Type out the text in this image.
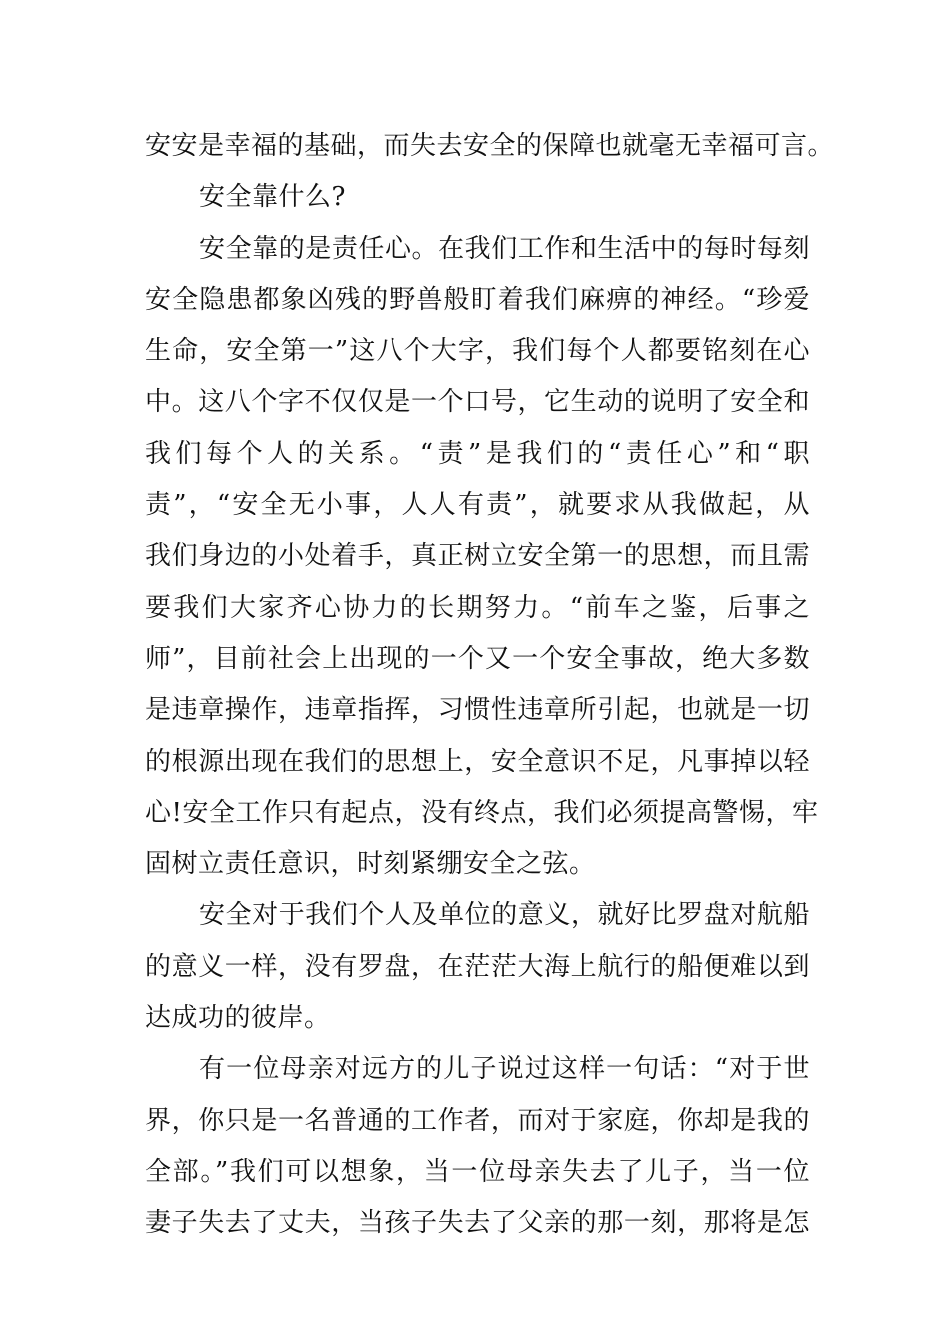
安安是幸福的基础，而失去安全的保障也就毫无幸福可言。
安全靠什么?
安全靠的是责任心。在我们工作和生活中的每时每刻
安全隐患都象凶残的野兽般盯着我们麻痹的神经。“珍爱
生命，安全第一”这八个大字，我们每个人都要铭刻在心
中。这八个字不仅仅是一个口号，它生动的说明了安全和
我们每个人的关系。“责”是我们的“责任心”和“职
责”，“安全无小事，人人有责”，就要求从我做起，从
我们身边的小处着手，真正树立安全第一的思想，而且需
要我们大家齐心协力的长期努力。“前车之鉴，后事之
师”，目前社会上出现的一个又一个安全事故，绝大多数
是违章操作，违章指挥，习惯性违章所引起，也就是一切
的根源出现在我们的思想上，安全意识不足，凡事掉以轻
心!安全工作只有起点，没有终点，我们必须提高警惕，牢
固树立责任意识，时刻紧绷安全之弦。
安全对于我们个人及单位的意义，就好比罗盘对航船
的意义一样，没有罗盘，在茫茫大海上航行的船便难以到
达成功的彼岸。
有一位母亲对远方的儿子说过这样一句话：“对于世
界，你只是一名普通的工作者，而对于家庭，你却是我的
全部。”我们可以想象，当一位母亲失去了儿子，当一位
妻子失去了丈夫，当孩子失去了父亲的那一刻，那将是怎
